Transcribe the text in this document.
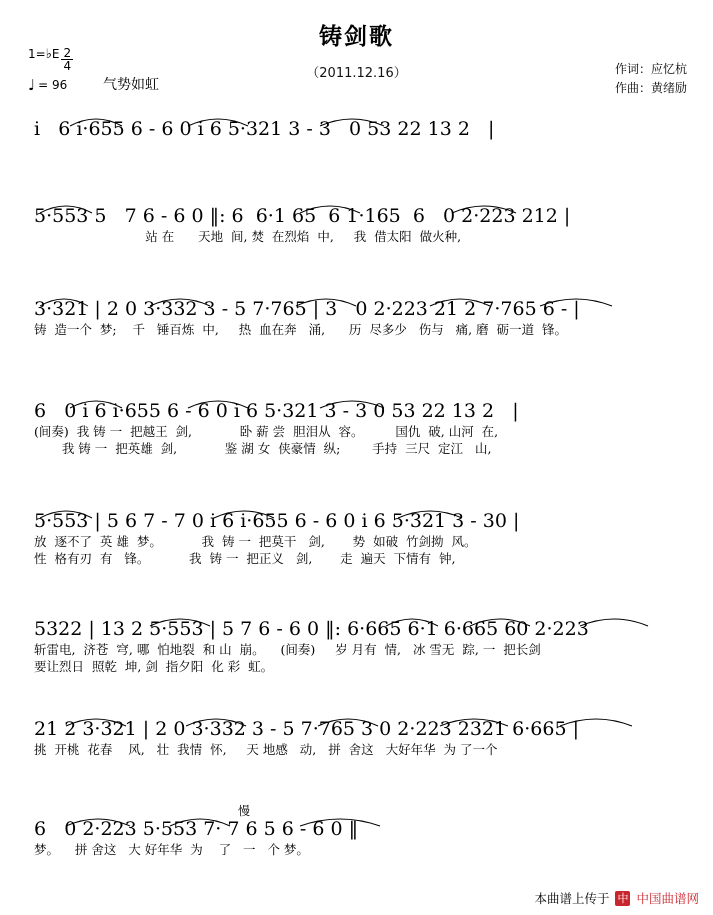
铸剑歌
（2011.12.16）
1= ♭ E $\frac{2}{4}$
♩ = 96	气势如虹
作词：应忆杭
作曲：黄绪励
i   6 i·655 6 - 6 0 i 6 5·321 3 - 3   0 53 22 13 2   |
5·553 5   7 6 - 6 0 ‖: 6  6·1 65  6 1·165  6   0 2·223 212 |
站 在      天地  间, 焚  在烈焰  中,     我  借太阳  做火种,
3·321 | 2 0 3·332 3 - 5 7·765 | 3   0 2·223 21 2 7·765 6 - |
铸  造一个  梦;    千   锤百炼  中,     热  血在奔   涌,      历  尽多少   伤与   痛, 磨  砺一道  锋。
6   0 i 6 i·655 6 - 6 0 i 6 5·321 3 - 3 0 53 22 13 2   |
(间奏)  我 铸 一  把越王  剑,            卧 薪 尝  胆泪从  容。        国仇  破, 山河  在,
我 铸 一  把英雄  剑,            鉴 湖 女  侠豪情  纵;        手持  三尺  定江   山,
5·553 | 5 6 7 - 7 0 i 6 i·655 6 - 6 0 i 6 5·321 3 - 30 |
放  逐不了  英 雄  梦。          我  铸 一  把莫干   剑,       势  如破  竹剑拗  风。
性  格有刃  有   锋。          我  铸 一  把正义   剑,       走  遍天  下情有  钟,
5322 | 13 2 5·553 | 5 7 6 - 6 0 ‖: 6·665 6·1 6·665 60 2·223
斩雷电,  济苍  穹, 哪  怕地裂  和 山  崩。    (间奏)     岁 月有  情,   冰 雪无  踪, 一  把长剑
要让烈日  照乾  坤, 剑  指夕阳  化 彩  虹。
21 2 3·321 | 2 0 3·332 3 - 5 7·765 3 0 2·223 2321 6·665 |
挑  开桃  花春    风,   壮  我情  怀,     天 地感   动,   拼  舍这   大好年华  为 了一个
慢
6   0 2·223 5·553 7· 7 6 5 6 - 6 0 ‖
梦。    拼 舍这   大 好年华  为    了   一   个 梦。
本曲谱上传于 中 中国曲谱网
